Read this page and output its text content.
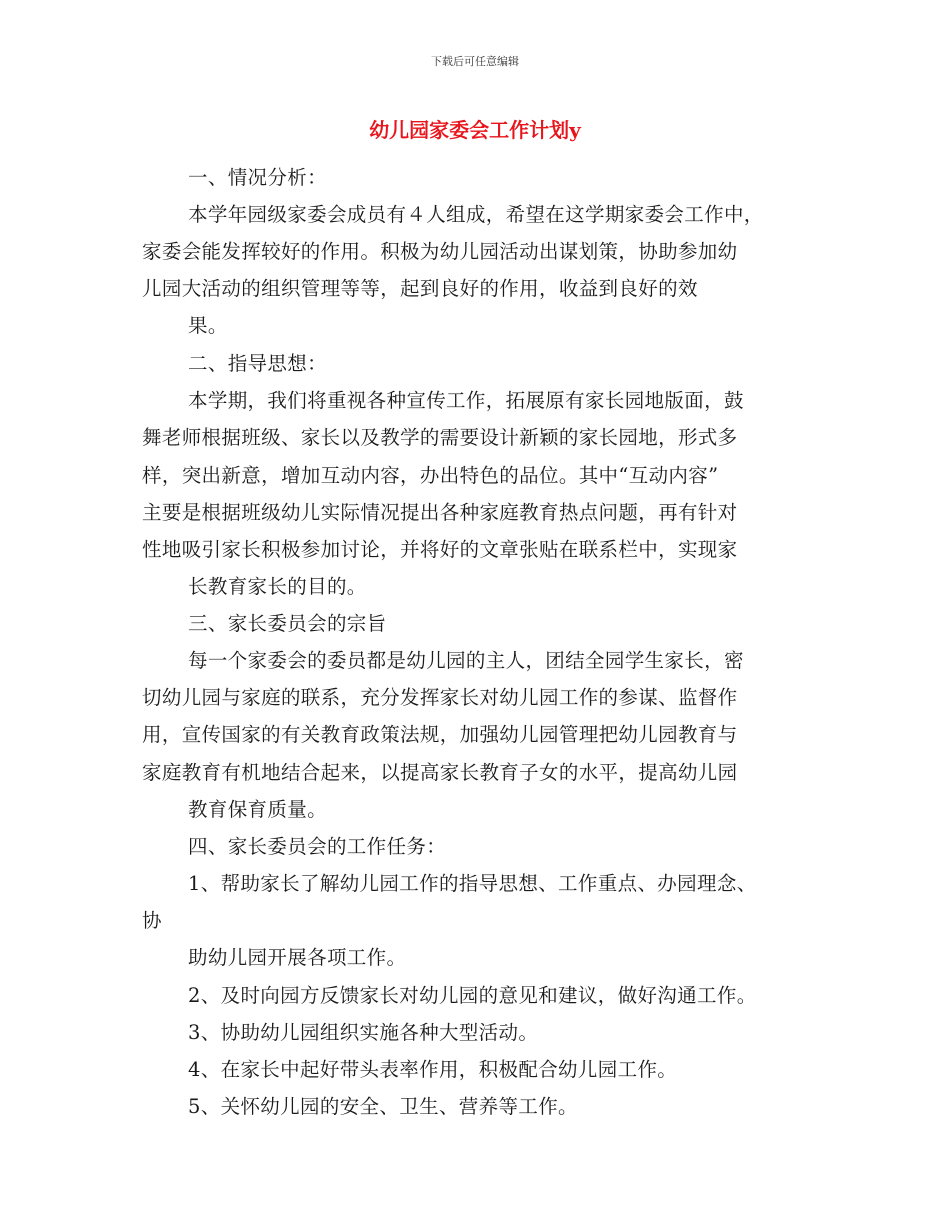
下载后可任意编辑
幼儿园家委会工作计划y
一、情况分析：
本学年园级家委会成员有４人组成，希望在这学期家委会工作中，
家委会能发挥较好的作用。积极为幼儿园活动出谋划策，协助参加幼
儿园大活动的组织管理等等，起到良好的作用，收益到良好的效
果。
二、指导思想：
本学期，我们将重视各种宣传工作，拓展原有家长园地版面，鼓
舞老师根据班级、家长以及教学的需要设计新颖的家长园地，形式多
样，突出新意，增加互动内容，办出特色的品位。其中“互动内容”
主要是根据班级幼儿实际情况提出各种家庭教育热点问题，再有针对
性地吸引家长积极参加讨论，并将好的文章张贴在联系栏中，实现家
长教育家长的目的。
三、家长委员会的宗旨
每一个家委会的委员都是幼儿园的主人，团结全园学生家长，密
切幼儿园与家庭的联系，充分发挥家长对幼儿园工作的参谋、监督作
用，宣传国家的有关教育政策法规，加强幼儿园管理把幼儿园教育与
家庭教育有机地结合起来，以提高家长教育子女的水平，提高幼儿园
教育保育质量。
四、家长委员会的工作任务：
1、帮助家长了解幼儿园工作的指导思想、工作重点、办园理念、
协
助幼儿园开展各项工作。
2、及时向园方反馈家长对幼儿园的意见和建议，做好沟通工作。
3、协助幼儿园组织实施各种大型活动。
4、在家长中起好带头表率作用，积极配合幼儿园工作。
5、关怀幼儿园的安全、卫生、营养等工作。
